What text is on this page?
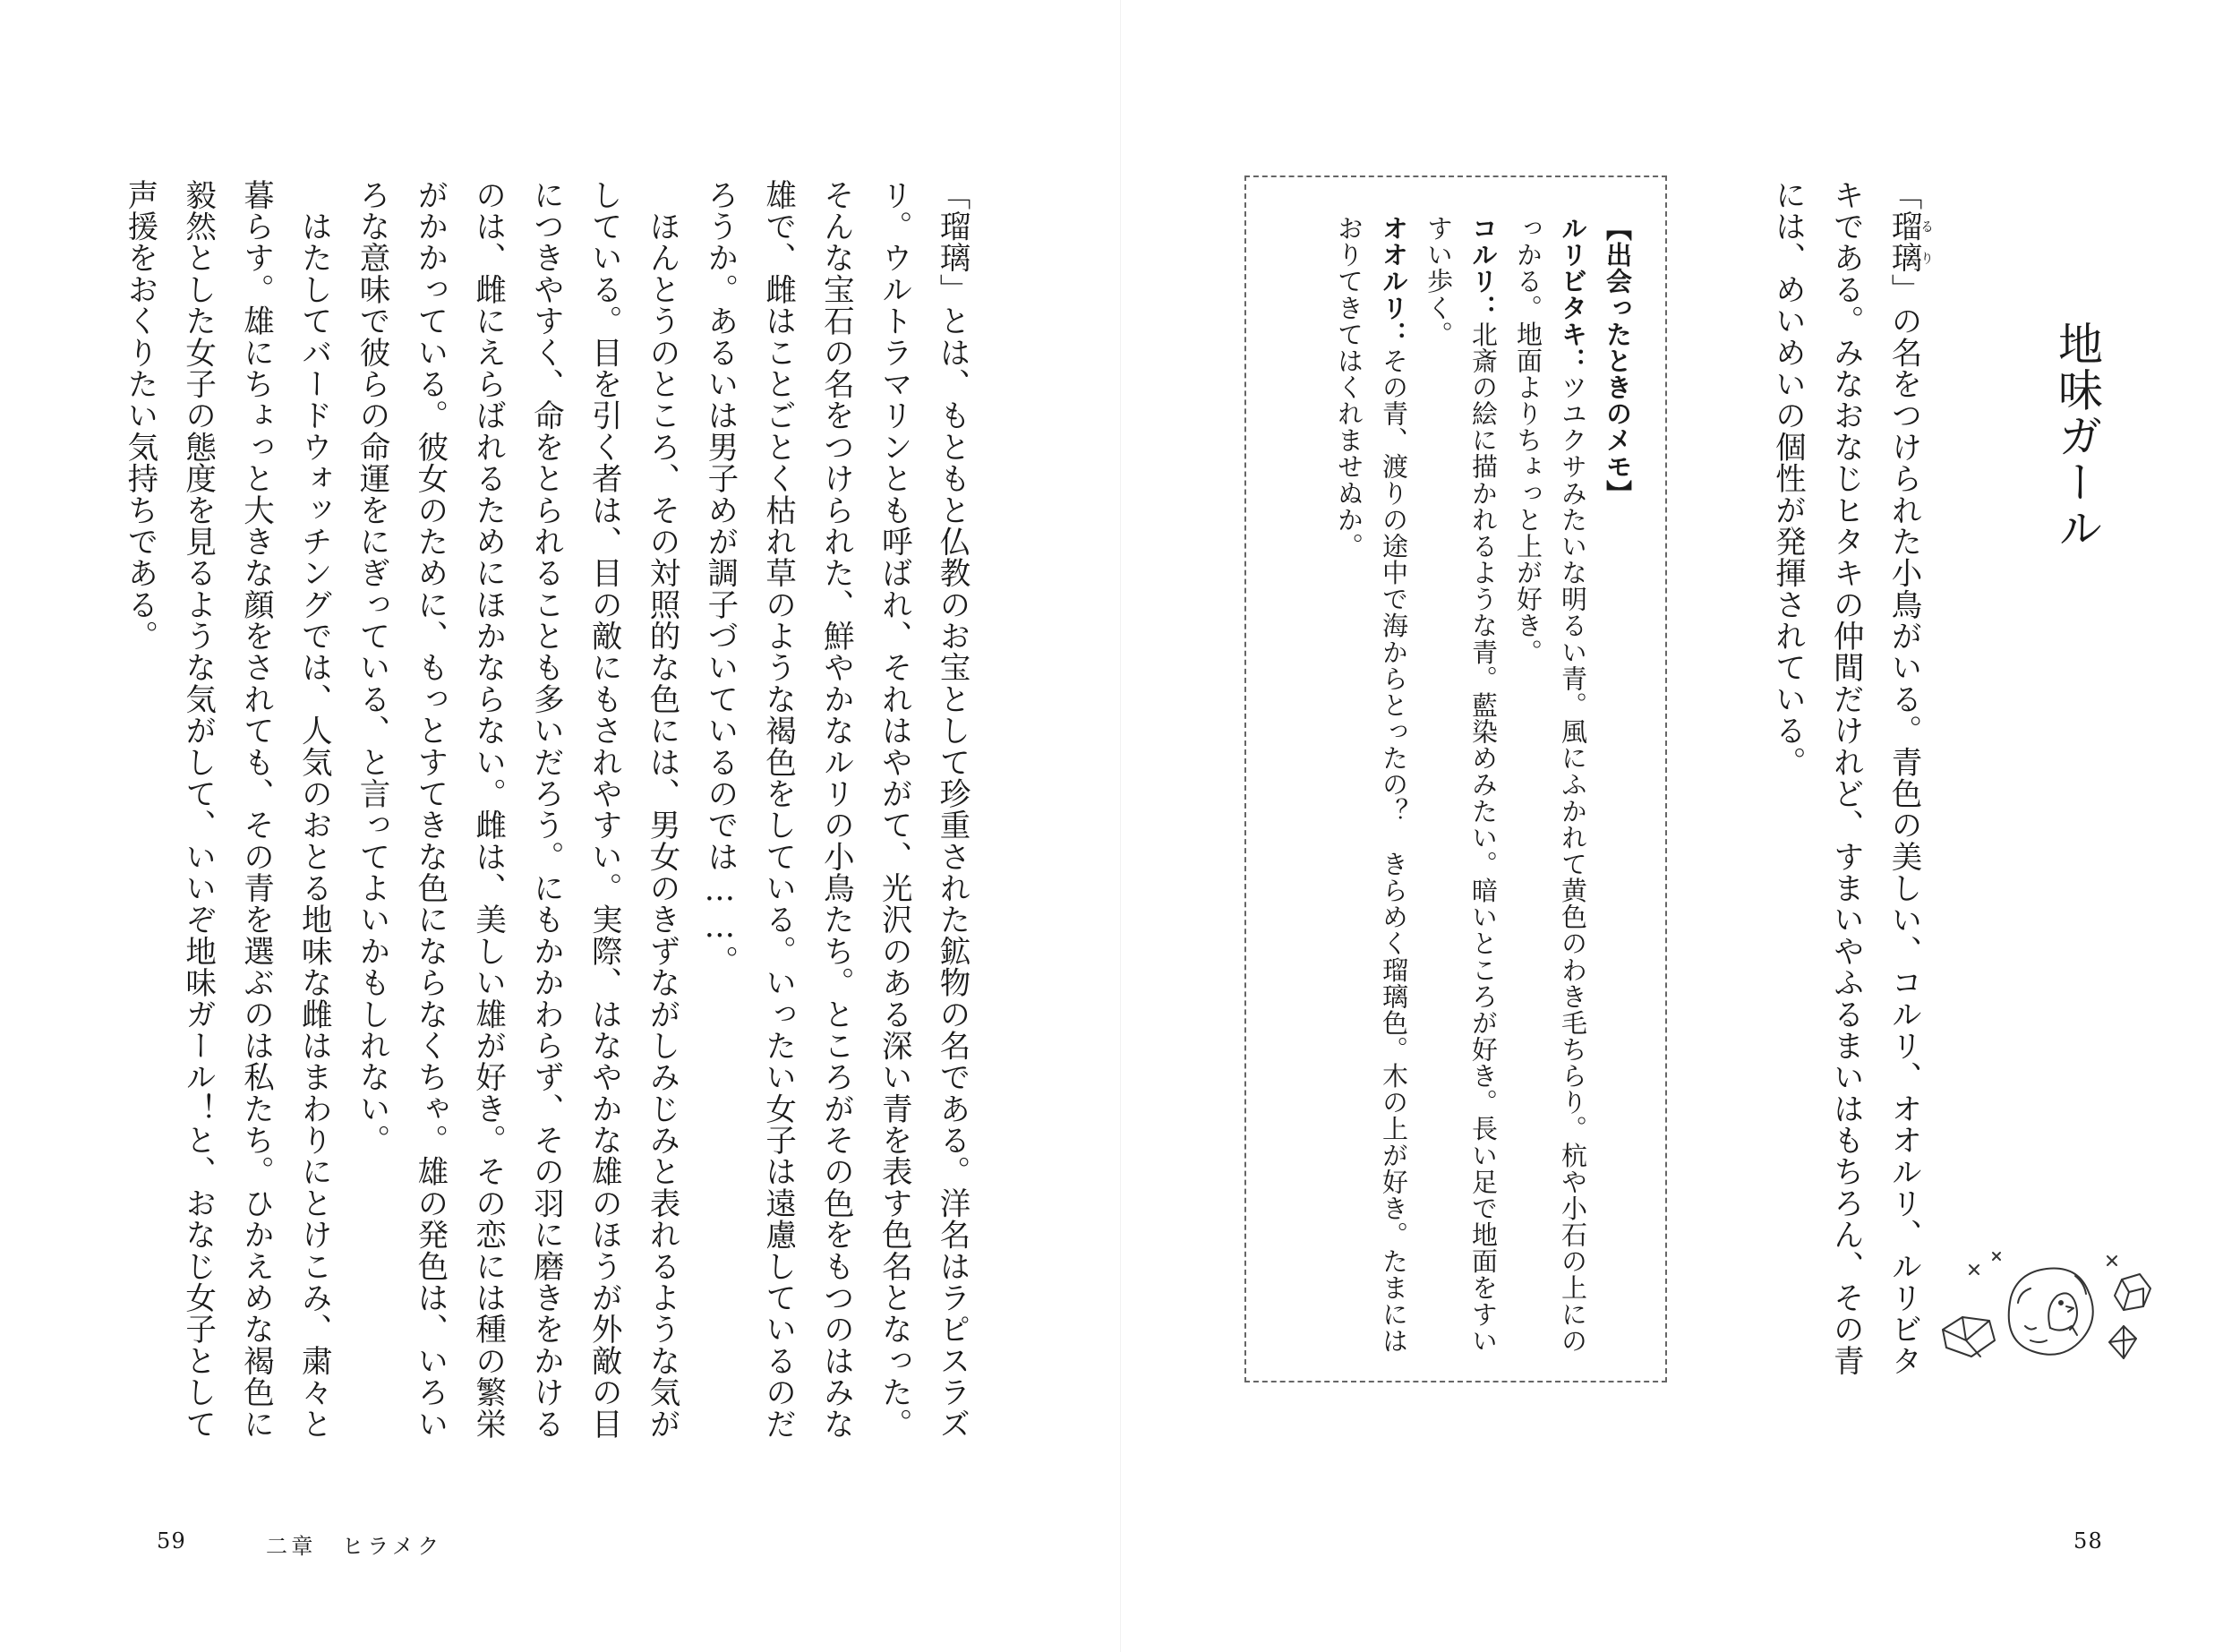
「瑠璃」とは、もともと仏教のお宝として珍重された鉱物の名である。洋名はラピスラズリ。ウルトラマリンとも呼ばれ、それはやがて、光沢のある深い青を表す色名となった。そんな宝石の名をつけられた、鮮やかなルリの小鳥たち。ところがその色をもつのはみな雄で、雌はことごとく枯れ草のような褐色をしている。いったい女子は遠慮しているのだろうか。あるいは男子めが調子づいているのでは……。
　ほんとうのところ、その対照的な色には、男女のきずながしみじみと表れるような気がしている。目を引く者は、目の敵にもされやすい。実際、はなやかな雄のほうが外敵の目につきやすく、命をとられることも多いだろう。にもかかわらず、その羽に磨きをかけるのは、雌にえらばれるためにほかならない。雌は、美しい雄が好き。その恋には種の繁栄がかかっている。彼女のために、もっとすてきな色にならなくちゃ。雄の発色は、いろいろな意味で彼らの命運をにぎっている、と言ってよいかもしれない。
　はたしてバードウォッチングでは、人気のおとる地味な雌はまわりにとけこみ、粛々と暮らす。雄にちょっと大きな顔をされても、その青を選ぶのは私たち。ひかえめな褐色に毅然とした女子の態度を見るような気がして、いいぞ地味ガール！と、おなじ女子として声援をおくりたい気持ちである。
59	二章　ヒラメク
地味ガール
「瑠璃るり」の名をつけられた小鳥がいる。青色の美しい、コルリ、オオルリ、ルリビタキである。みなおなじヒタキの仲間だけれど、すまいやふるまいはもちろん、その青には、めいめいの個性が発揮されている。
【出会ったときのメモ】
ルリビタキ：ツユクサみたいな明るい青。風にふかれて黄色のわき毛ちらり。杭や小石の上にのっかる。地面よりちょっと上が好き。
コルリ：北斎の絵に描かれるような青。藍染めみたい。暗いところが好き。長い足で地面をすいすい歩く。
オオルリ：その青、渡りの途中で海からとったの？　きらめく瑠璃色。木の上が好き。たまにはおりてきてはくれませぬか。
58
